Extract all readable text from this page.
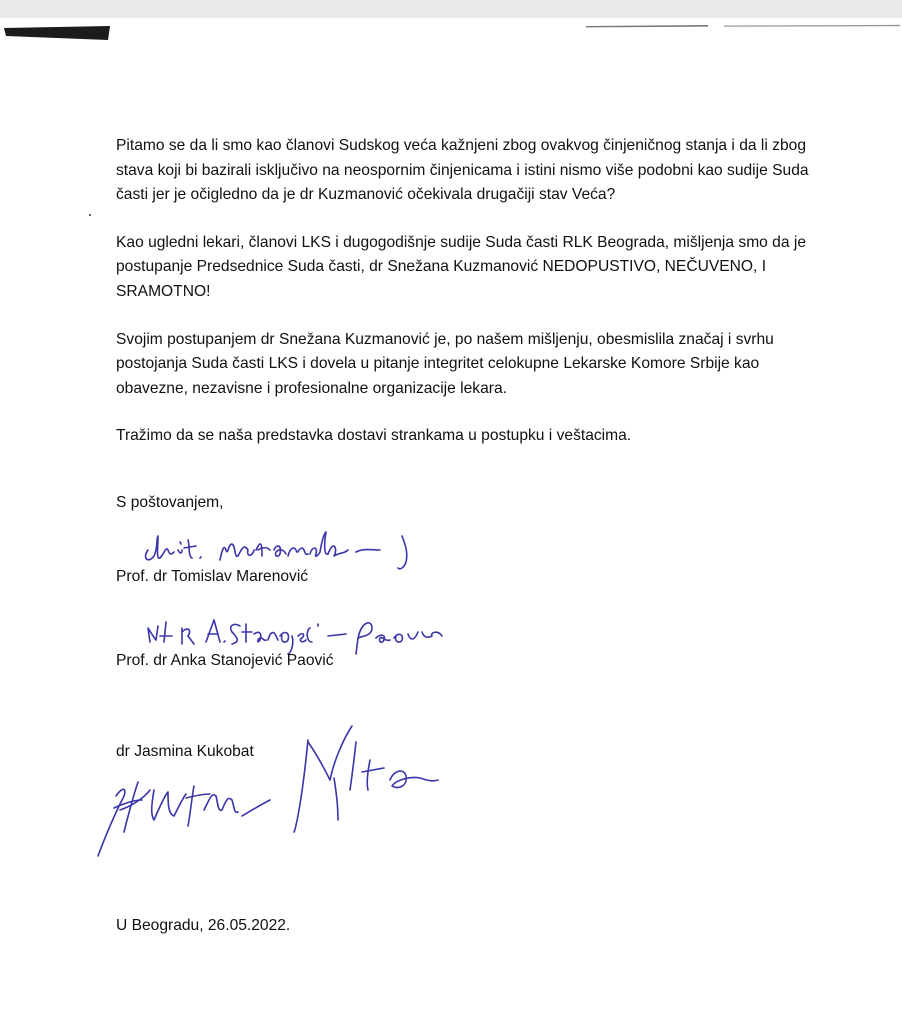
Pitamo se da li smo kao članovi Sudskog veća kažnjeni zbog ovakvog činjeničnog stanja i da li zbog stava koji bi bazirali isključivo na neospornim činjenicama i istini nismo više podobni kao sudije Suda časti jer je očigledno da je dr Kuzmanović očekivala drugačiji stav Veća?

Kao ugledni lekari, članovi LKS i dugogodišnje sudije Suda časti RLK Beograda, mišljenja smo da je postupanje Predsednice Suda časti, dr Snežana Kuzmanović NEDOPUSTIVO, NEČUVENO, I SRAMOTNO!

Svojim postupanjem dr Snežana Kuzmanović je, po našem mišljenju, obesmislila značaj i svrhu postojanja Suda časti LKS i dovela u pitanje integritet celokupne Lekarske Komore Srbije kao obavezne, nezavisne i profesionalne organizacije lekara.

Tražimo da se naša predstavka dostavi strankama u postupku i veštacima.

S poštovanjem,
Prof. dr Tomislav Marenović
Prof. dr Anka Stanojević Paović
dr Jasmina Kukobat
U Beogradu, 26.05.2022.
